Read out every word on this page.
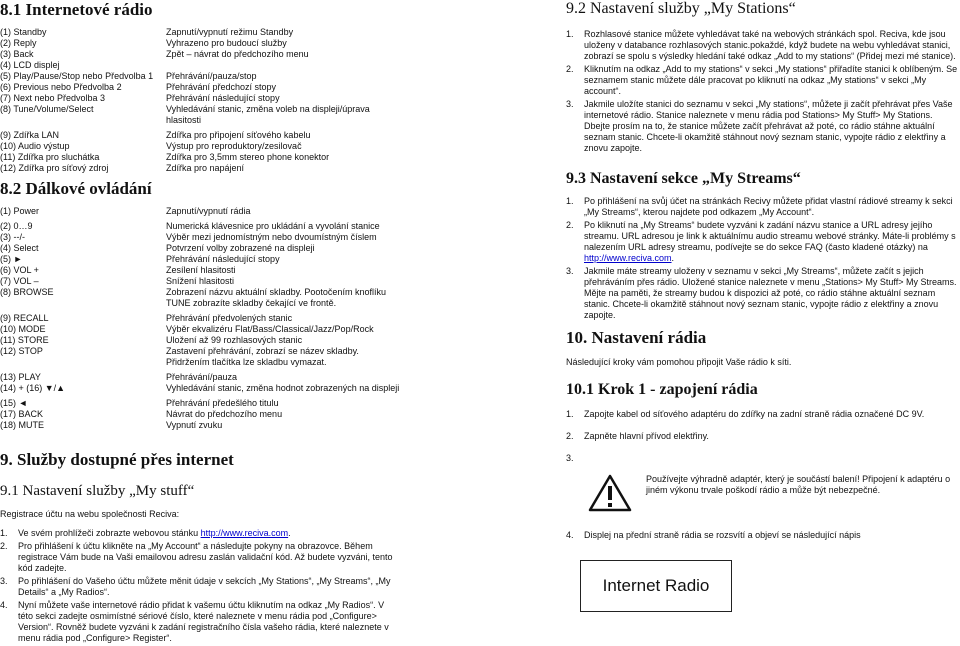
8.1 Internetové rádio
(1) Standby	Zapnutí/vypnutí režimu Standby
(2) Reply	Vyhrazeno pro budoucí služby
(3) Back	Zpět – návrat do předchozího menu
(4) LCD displej
(5) Play/Pause/Stop nebo Předvolba 1	Přehrávání/pauza/stop
(6) Previous nebo Předvolba 2	Přehrávání předchozí stopy
(7) Next nebo Předvolba 3	Přehrávání následující stopy
(8) Tune/Volume/Select	Vyhledávání stanic, změna voleb na displeji/úprava hlasitosti
(9) Zdířka LAN	Zdířka pro připojení síťového kabelu
(10) Audio výstup	Výstup pro reproduktory/zesilovač
(11) Zdířka pro sluchátka	Zdířka pro 3,5mm stereo phone konektor
(12) Zdířka pro síťový zdroj	Zdířka pro napájení
8.2 Dálkové ovládání
(1) Power	Zapnutí/vypnutí rádia
(2) 0…9	Numerická klávesnice pro ukládání a vyvolání stanice
(3) --/-	Výběr mezi jednomístným nebo dvoumístným číslem
(4) Select	Potvrzení volby zobrazené na displeji
(5) ►	Přehrávání následující stopy
(6) VOL +	Zesílení hlasitosti
(7) VOL –	Snížení hlasitosti
(8) BROWSE	Zobrazení názvu aktuální skladby. Pootočením knoflíku TUNE zobrazíte skladby čekající ve frontě.
(9) RECALL	Přehrávání předvolených stanic
(10) MODE	Výběr ekvalizéru Flat/Bass/Classical/Jazz/Pop/Rock
(11) STORE	Uložení až 99 rozhlasových stanic
(12) STOP	Zastavení přehrávání, zobrazí se název skladby. Přidržením tlačítka lze skladbu vymazat.
(13) PLAY	Přehrávání/pauza
(14) + (16) ▼/▲	Vyhledávání stanic, změna hodnot zobrazených na displeji
(15) ◄	Přehrávání předešlého titulu
(17) BACK	Návrat do předchozího menu
(18) MUTE	Vypnutí zvuku
9. Služby dostupné přes internet
9.1 Nastavení služby „My stuff“
Registrace účtu na webu společnosti Reciva:
1.	Ve svém prohlížeči zobrazte webovou stánku http://www.reciva.com.
2.	Pro přihlášení k účtu klikněte na „My Account“ a následujte pokyny na obrazovce. Během registrace Vám bude na Vaši emailovou adresu zaslán validační kód. Až budete vyzváni, tento kód zadejte.
3.	Po přihlášení do Vašeho účtu můžete měnit údaje v sekcích „My Stations“, „My Streams“, „My Details“ a „My Radios“.
4.	Nyní můžete vaše internetové rádio přidat k vašemu účtu kliknutím na odkaz „My Radios“. V této sekci zadejte osmimístné sériové číslo, které naleznete v menu rádia pod „Configure> Version“. Rovněž budete vyzváni k zadání registračního čísla vašeho rádia, které naleznete v menu rádia pod „Configure> Register“.
9.2 Nastavení služby „My Stations“
1.	Rozhlasové stanice můžete vyhledávat také na webových stránkách spol. Reciva, kde jsou uloženy v databance rozhlasových stanic.pokaždé, když budete na webu vyhledávat stanici, zobrazí se spolu s výsledky hledání také odkaz „Add to my stations“ (Přidej mezi mé stanice).
2.	Kliknutím na odkaz „Add to my stations“ v sekci „My stations“ přiřadíte stanici k oblíbeným. Se seznamem stanic můžete dále pracovat po kliknutí na odkaz „My stations“ v sekci „My account“.
3.	Jakmile uložíte stanici do seznamu v sekci „My stations“, můžete ji začít přehrávat přes Vaše internetové rádio. Stanice naleznete v menu rádia pod Stations> My Stuff> My Stations. Dbejte prosím na to, že stanice můžete začít přehrávat až poté, co rádio stáhne aktuální seznam stanic. Chcete-li okamžitě stáhnout nový seznam stanic, vypojte rádio z elektřiny a znovu zapojte.
9.3 Nastavení sekce „My Streams“
1.	Po přihlášení na svůj účet na stránkách Recivy můžete přidat vlastní rádiové streamy k sekci „My Streams“, kterou najdete pod odkazem „My Account“.
2.	Po kliknutí na „My Streams“ budete vyzváni k zadání názvu stanice a URL adresy jejího streamu. URL adresou je link k aktuálnímu audio streamu webové stránky. Máte-li problémy s nalezením URL adresy streamu, podívejte se do sekce FAQ (často kladené otázky) na http://www.reciva.com.
3.	Jakmile máte streamy uloženy v seznamu v sekci „My Streams“, můžete začít s jejich přehráváním přes rádio. Uložené stanice naleznete v menu „Stations> My Stuff> My Streams. Mějte na paměti, že streamy budou k dispozici až poté, co rádio stáhne aktuální seznam stanic. Chcete-li okamžitě stáhnout nový seznam stanic, vypojte rádio z elektřiny a znovu zapojte.
10. Nastavení rádia
Následující kroky vám pomohou připojit Vaše rádio k síti.
10.1 Krok 1 - zapojení rádia
1.	Zapojte kabel od síťového adaptéru do zdířky na zadní straně rádia označené DC 9V.
2.	Zapněte hlavní přívod elektřiny.
3.
Používejte výhradně adaptér, který je součástí balení! Připojení k adaptéru o jiném výkonu trvale poškodí rádio a může být nebezpečné.
4.	Displej na přední straně rádia se rozsvítí a objeví se následující nápis
Internet Radio
